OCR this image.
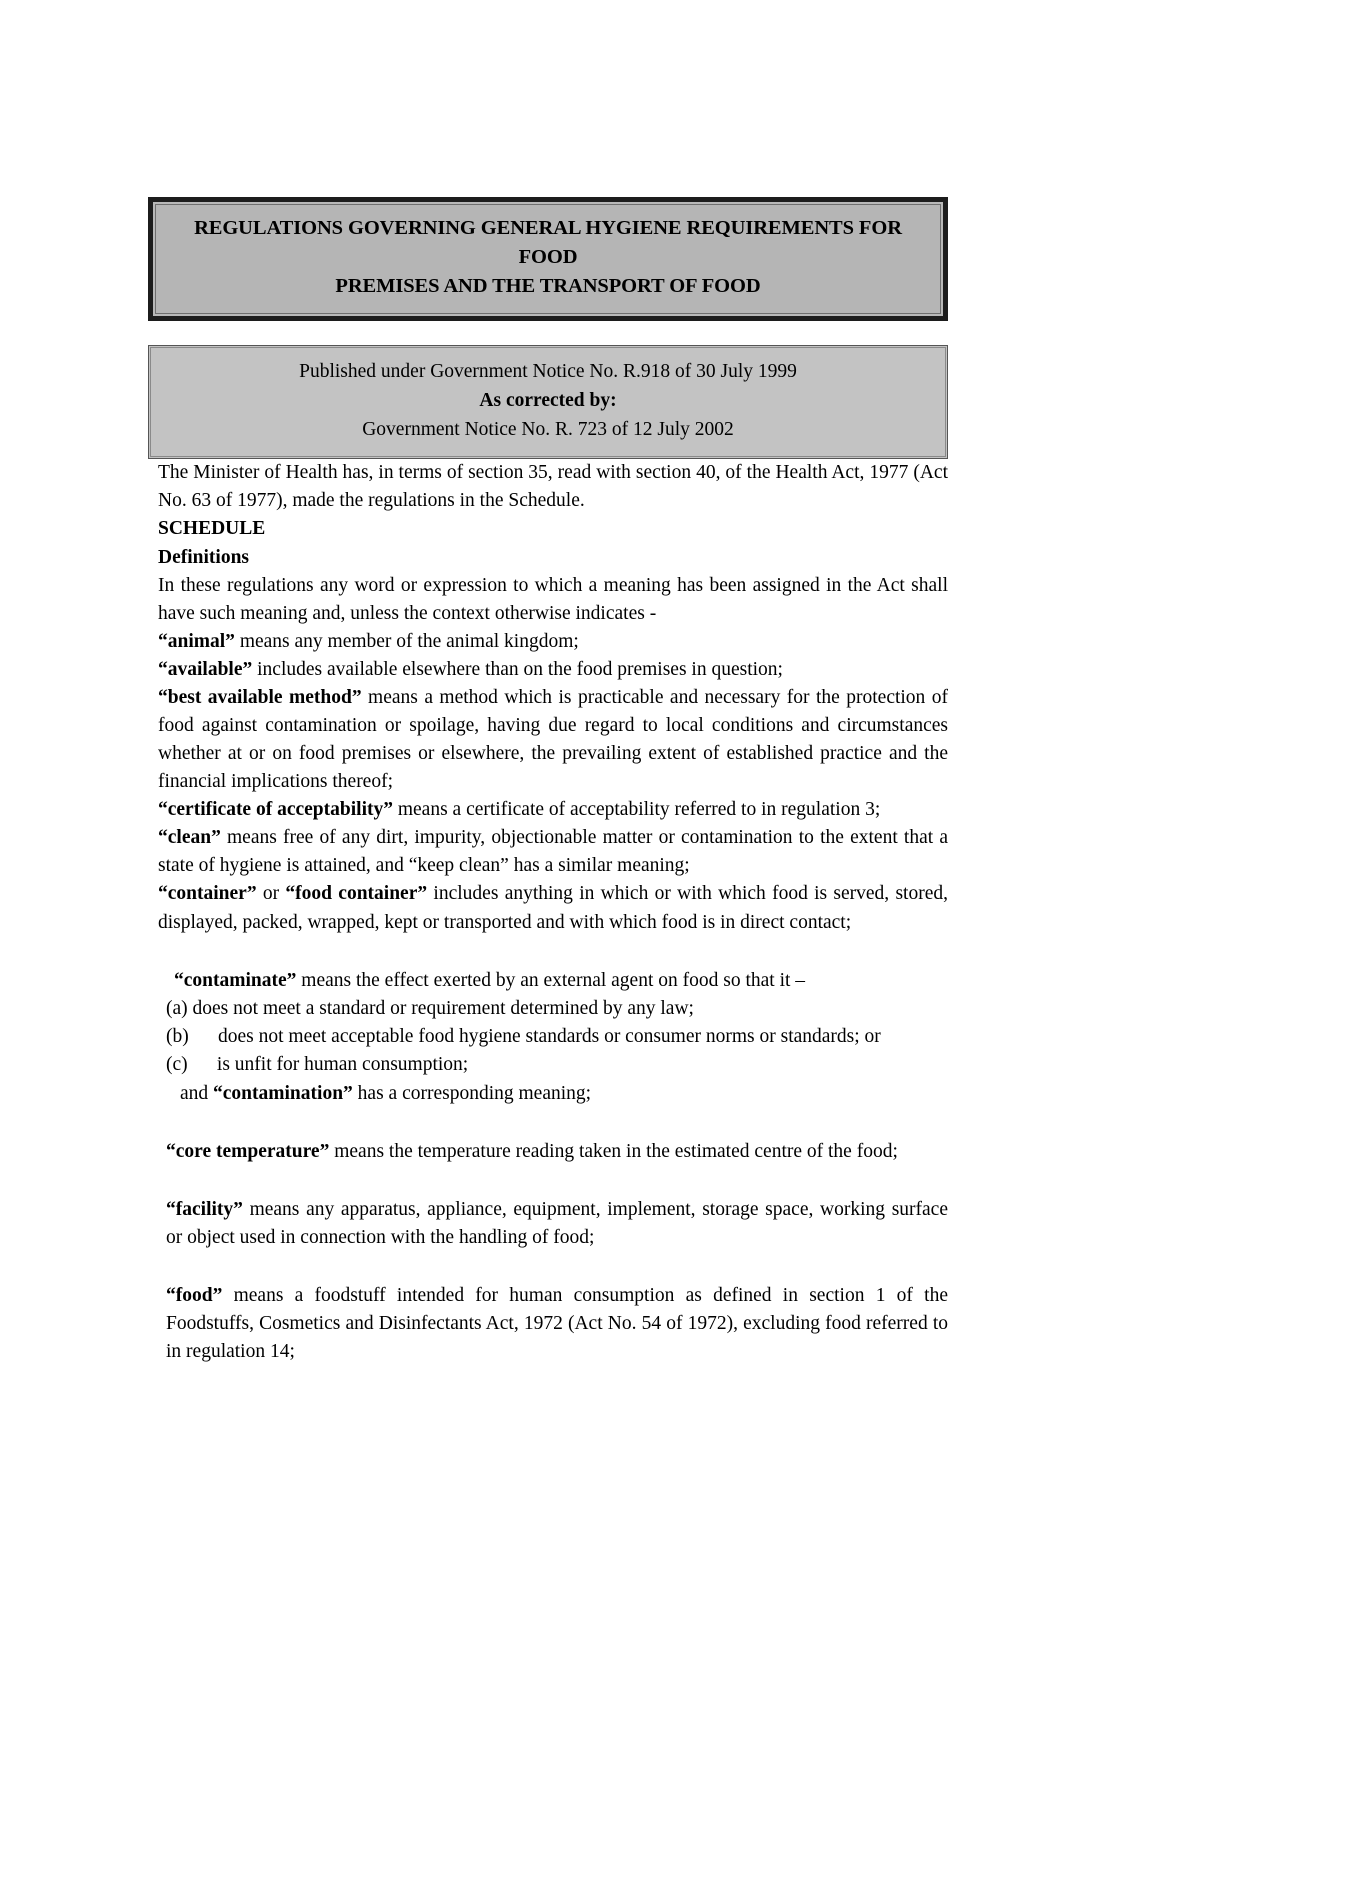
REGULATIONS GOVERNING GENERAL HYGIENE REQUIREMENTS FOR FOOD
PREMISES AND THE TRANSPORT OF FOOD
Published under Government Notice No. R.918 of 30 July 1999
As corrected by:
Government Notice No. R. 723 of 12 July 2002

The Minister of Health has, in terms of section 35, read with section 40, of the Health Act, 1977 (Act No. 63 of 1977), made the regulations in the Schedule.

SCHEDULE
Definitions

In these regulations any word or expression to which a meaning has been assigned in the Act shall have such meaning and, unless the context otherwise indicates -

“animal” means any member of the animal kingdom;

“available” includes available elsewhere than on the food premises in question;

“best available method” means a method which is practicable and necessary for the protection of food against contamination or spoilage, having due regard to local conditions and circumstances whether at or on food premises or elsewhere, the prevailing extent of established practice and the financial implications thereof;

“certificate of acceptability” means a certificate of acceptability referred to in regulation 3;

“clean” means free of any dirt, impurity, objectionable matter or contamination to the extent that a state of hygiene is attained, and “keep clean” has a similar meaning;

“container” or “food container” includes anything in which or with which food is served, stored, displayed, packed, wrapped, kept or transported and with which food is in direct contact;

“contaminate” means the effect exerted by an external agent on food so that it –

(a) does not meet a standard or requirement determined by any law;

(b) does not meet acceptable food hygiene standards or consumer norms or standards; or

(c) is unfit for human consumption;

and “contamination” has a corresponding meaning;

“core temperature” means the temperature reading taken in the estimated centre of the food;

“facility” means any apparatus, appliance, equipment, implement, storage space, working surface or object used in connection with the handling of food;

“food” means a foodstuff intended for human consumption as defined in section 1 of the Foodstuffs, Cosmetics and Disinfectants Act, 1972 (Act No. 54 of 1972), excluding food referred to in regulation 14;
